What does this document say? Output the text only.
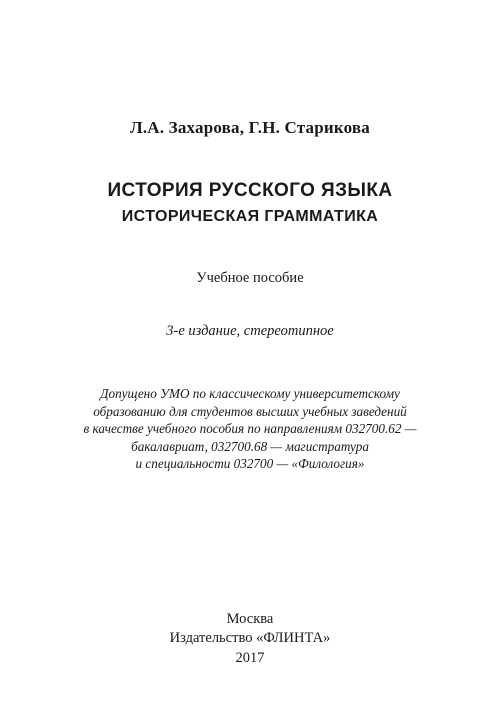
Л.А. Захарова, Г.Н. Старикова
ИСТОРИЯ РУССКОГО ЯЗЫКА
ИСТОРИЧЕСКАЯ ГРАММАТИКА
Учебное пособие
3-е издание, стереотипное
Допущено УМО по классическому университетскому
образованию для студентов высших учебных заведений
в качестве учебного пособия по направлениям 032700.62 —
бакалавриат, 032700.68 — магистратура
и специальности 032700 — «Филология»
Москва
Издательство «ФЛИНТА»
2017
